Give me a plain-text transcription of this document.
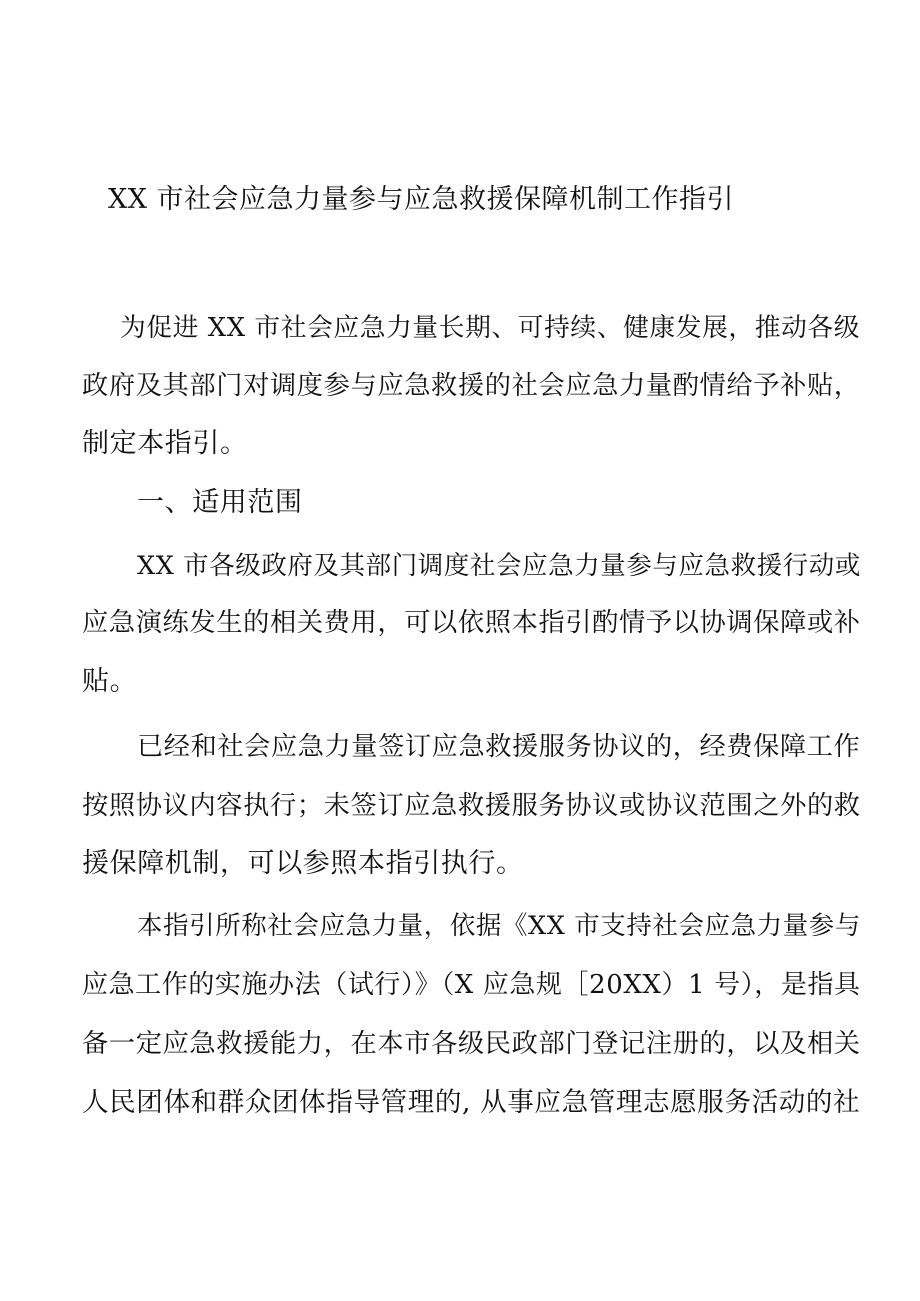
XX 市社会应急力量参与应急救援保障机制工作指引

为促进 XX 市社会应急力量长期、可持续、健康发展，推动各级

政府及其部门对调度参与应急救援的社会应急力量酌情给予补贴，

制定本指引。

一、适用范围

XX 市各级政府及其部门调度社会应急力量参与应急救援行动或

应急演练发生的相关费用，可以依照本指引酌情予以协调保障或补

贴。

已经和社会应急力量签订应急救援服务协议的，经费保障工作

按照协议内容执行；未签订应急救援服务协议或协议范围之外的救

援保障机制，可以参照本指引执行。

本指引所称社会应急力量，依据《XX 市支持社会应急力量参与

应急工作的实施办法（试行）》（X 应急规［20XX）1 号），是指具

备一定应急救援能力，在本市各级民政部门登记注册的，以及相关

人民团体和群众团体指导管理的, 从事应急管理志愿服务活动的社
